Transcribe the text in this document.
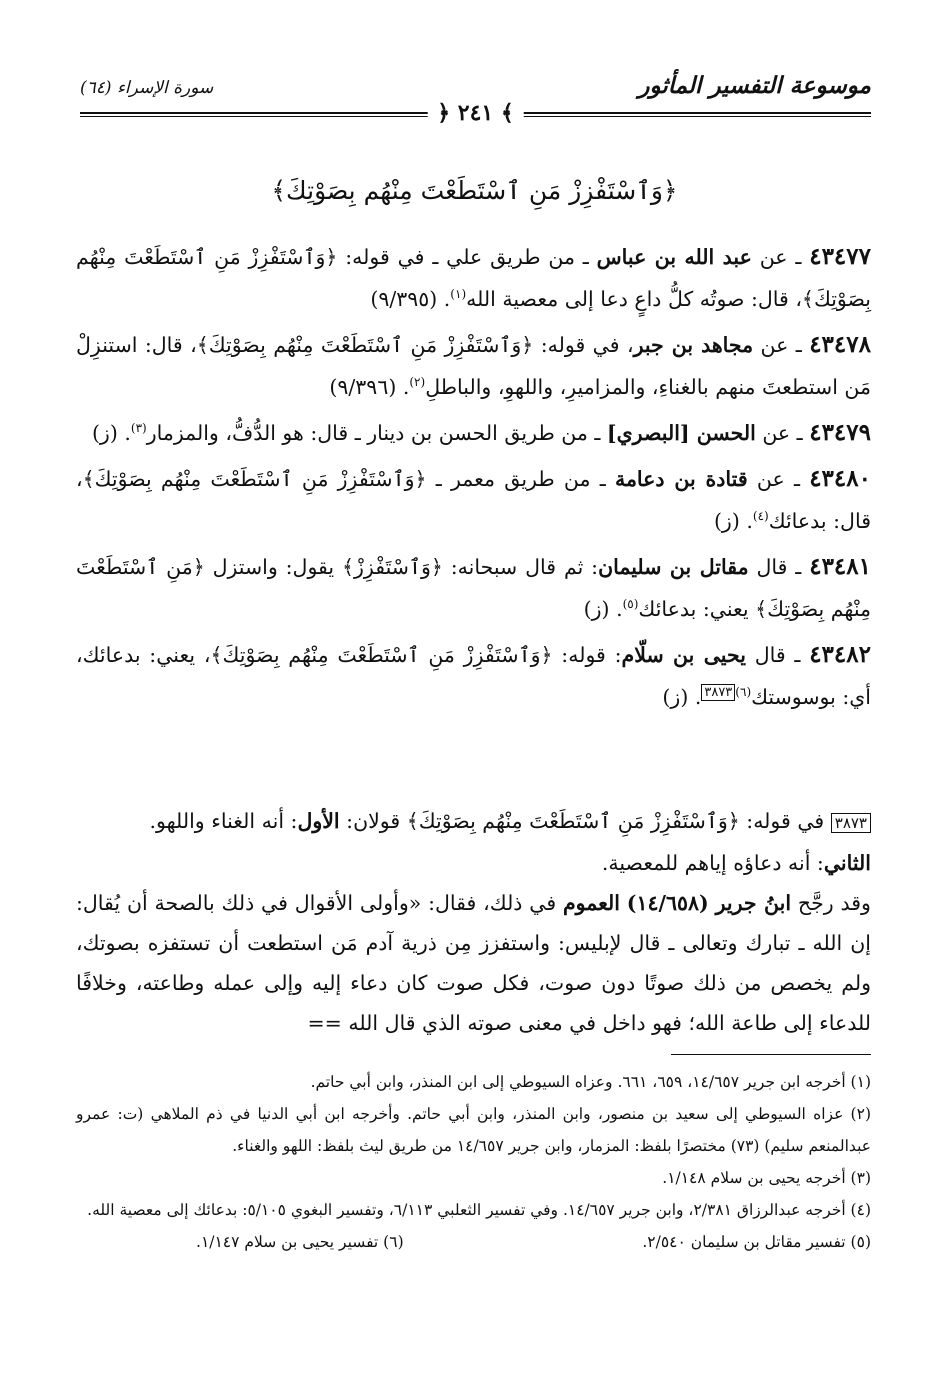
موسوعة التفسير المأثور
سورة الإسراء (٦٤)
﴾ ٢٤١ ﴿
﴿وَٱسْتَفْزِزْ مَنِ ٱسْتَطَعْتَ مِنْهُم بِصَوْتِكَ﴾
٤٣٤٧٧ ـ عن عبد الله بن عباس ـ من طريق علي ـ في قوله: ﴿وَٱسْتَفْزِزْ مَنِ ٱسْتَطَعْتَ مِنْهُم بِصَوْتِكَ﴾، قال: صوتُه كلُّ داعٍ دعا إلى معصية الله$^{(١)}$. (٩/٣٩٥)
٤٣٤٧٨ ـ عن مجاهد بن جبر، في قوله: ﴿وَٱسْتَفْزِزْ مَنِ ٱسْتَطَعْتَ مِنْهُم بِصَوْتِكَ﴾، قال: استنزِلْ مَن استطعتَ منهم بالغناءِ، والمزاميرِ، واللهوِ، والباطلِ$^{(٢)}$. (٩/٣٩٦)
٤٣٤٧٩ ـ عن الحسن [البصري] ـ من طريق الحسن بن دينار ـ قال: هو الدُّفُّ، والمزمار$^{(٣)}$. (ز)
٤٣٤٨٠ ـ عن قتادة بن دعامة ـ من طريق معمر ـ ﴿وَٱسْتَفْزِزْ مَنِ ٱسْتَطَعْتَ مِنْهُم بِصَوْتِكَ﴾، قال: بدعائك$^{(٤)}$. (ز)
٤٣٤٨١ ـ قال مقاتل بن سليمان: ثم قال سبحانه: ﴿وَٱسْتَفْزِزْ﴾ يقول: واستزل ﴿مَنِ ٱسْتَطَعْتَ مِنْهُم بِصَوْتِكَ﴾ يعني: بدعائك$^{(٥)}$. (ز)
٤٣٤٨٢ ـ قال يحيى بن سلّام: قوله: ﴿وَٱسْتَفْزِزْ مَنِ ٱسْتَطَعْتَ مِنْهُم بِصَوْتِكَ﴾، يعني: بدعائك، أي: بوسوستك$^{(٦)٣٨٧٣}$. (ز)
٣٨٧٣ في قوله: ﴿وَٱسْتَفْزِزْ مَنِ ٱسْتَطَعْتَ مِنْهُم بِصَوْتِكَ﴾ قولان: الأول: أنه الغناء واللهو.
الثاني: أنه دعاؤه إياهم للمعصية.
وقد رجَّح ابنُ جرير (١٤/٦٥٨) العموم في ذلك، فقال: «وأولى الأقوال في ذلك بالصحة أن يُقال: إن الله ـ تبارك وتعالى ـ قال لإبليس: واستفزز مِن ذرية آدم مَن استطعت أن تستفزه بصوتك، ولم يخصص من ذلك صوتًا دون صوت، فكل صوت كان دعاء إليه وإلى عمله وطاعته، وخلافًا للدعاء إلى طاعة الله؛ فهو داخل في معنى صوته الذي قال الله ==
(١) أخرجه ابن جرير ١٤/٦٥٧، ٦٥٩، ٦٦١. وعزاه السيوطي إلى ابن المنذر، وابن أبي حاتم.
(٢) عزاه السيوطي إلى سعيد بن منصور، وابن المنذر، وابن أبي حاتم. وأخرجه ابن أبي الدنيا في ذم الملاهي (ت: عمرو عبدالمنعم سليم) (٧٣) مختصرًا بلفظ: المزمار، وابن جرير ١٤/٦٥٧ من طريق ليث بلفظ: اللهو والغناء.
(٣) أخرجه يحيى بن سلام ١/١٤٨.
(٤) أخرجه عبدالرزاق ٢/٣٨١، وابن جرير ١٤/٦٥٧. وفي تفسير الثعلبي ٦/١١٣، وتفسير البغوي ٥/١٠٥: بدعائك إلى معصية الله.
(٥) تفسير مقاتل بن سليمان ٢/٥٤٠.
(٦) تفسير يحيى بن سلام ١/١٤٧.
